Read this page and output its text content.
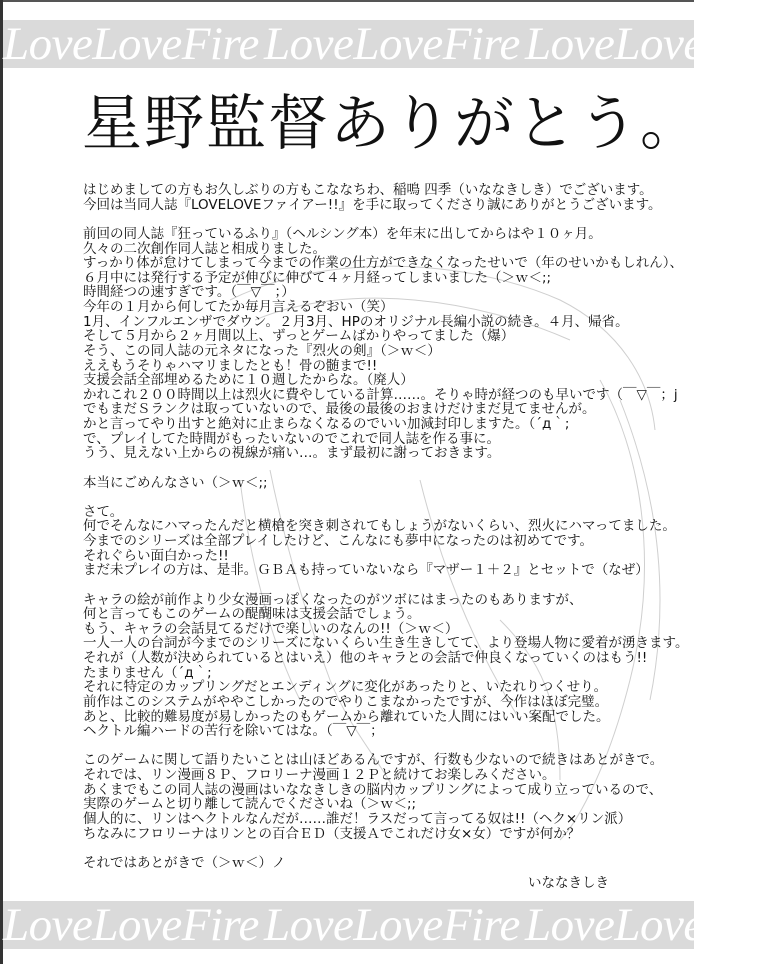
LoveLoveFire LoveLoveFire LoveLoveFire
星野監督ありがとう。
はじめましての方もお久しぶりの方もこななちわ、稲鳴 四季（いななきしき）でございます。
今回は当同人誌『LOVELOVEファイアー!!』を手に取ってくださり誠にありがとうございます。
前回の同人誌『狂っているふり』（ヘルシング本）を年末に出してからはや１０ヶ月。
久々の二次創作同人誌と相成りました。
すっかり体が怠けてしまって今までの作業の仕方ができなくなったせいで（年のせいかもしれん）、
６月中には発行する予定が伸びに伸びて４ヶ月経ってしまいました（＞ｗ＜;;
時間経つの速すぎです。（￣▽￣；）
今年の１月から何してたか毎月言えるぞおい（笑）
1月、インフルエンザでダウン。２月3月、HPのオリジナル長編小説の続き。４月、帰省。
そして５月から２ヶ月間以上、ずっとゲームばかりやってました（爆）
そう、この同人誌の元ネタになった『烈火の剣』（＞ｗ＜）
ええもうそりゃハマリましたとも！骨の髄まで!!
支援会話全部埋めるために１０週したからな。（廃人）
かれこれ２００時間以上は烈火に費やしている計算……。そりゃ時が経つのも早いです（￣▽￣；j
でもまだＳランクは取っていないので、最後の最後のおまけだけまだ見てませんが。
かと言ってやり出すと絶対に止まらなくなるのでいい加減封印しますた。（´д｀;
で、プレイしてた時間がもったいないのでこれで同人誌を作る事に。
うう、見えない上からの視線が痛い…。まず最初に謝っておきます。
本当にごめんなさい（＞ｗ＜;;
さて。
何でそんなにハマったんだと横槍を突き刺されてもしょうがないくらい、烈火にハマってました。
今までのシリーズは全部プレイしたけど、こんなにも夢中になったのは初めてです。
それぐらい面白かった!!
まだ未プレイの方は、是非。ＧＢＡも持っていないなら『マザー１＋２』とセットで（なぜ）
キャラの絵が前作より少女漫画っぽくなったのがツボにはまったのもありますが、
何と言ってもこのゲームの醍醐味は支援会話でしょう。
もう、キャラの会話見てるだけで楽しいのなんの!!（＞ｗ＜）
一人一人の台詞が今までのシリーズにないくらい生き生きしてて、より登場人物に愛着が湧きます。
それが（人数が決められているとはいえ）他のキャラとの会話で仲良くなっていくのはもう!!
たまりません（´д｀;
それに特定のカップリングだとエンディングに変化があったりと、いたれりつくせり。
前作はこのシステムがややこしかったのでやりこまなかったですが、今作はほぼ完璧。
あと、比較的難易度が易しかったのもゲームから離れていた人間にはいい案配でした。
ヘクトル編ハードの苦行を除いてはな。（￣▽￣；
このゲームに関して語りたいことは山ほどあるんですが、行数も少ないので続きはあとがきで。
それでは、リン漫画８Ｐ、フロリーナ漫画１２Ｐと続けてお楽しみください。
あくまでもこの同人誌の漫画はいななきしきの脳内カップリングによって成り立っているので、
実際のゲームと切り離して読んでくださいね（＞ｗ＜;;
個人的に、リンはヘクトルなんだが……誰だ！ラスだって言ってる奴は!!（ヘク×リン派）
ちなみにフロリーナはリンとの百合ＥＤ（支援Ａでこれだけ女×女）ですが何か？
それではあとがきで（＞ｗ＜）ノ
いななきしき
LoveLoveFire LoveLoveFire LoveLoveFire
